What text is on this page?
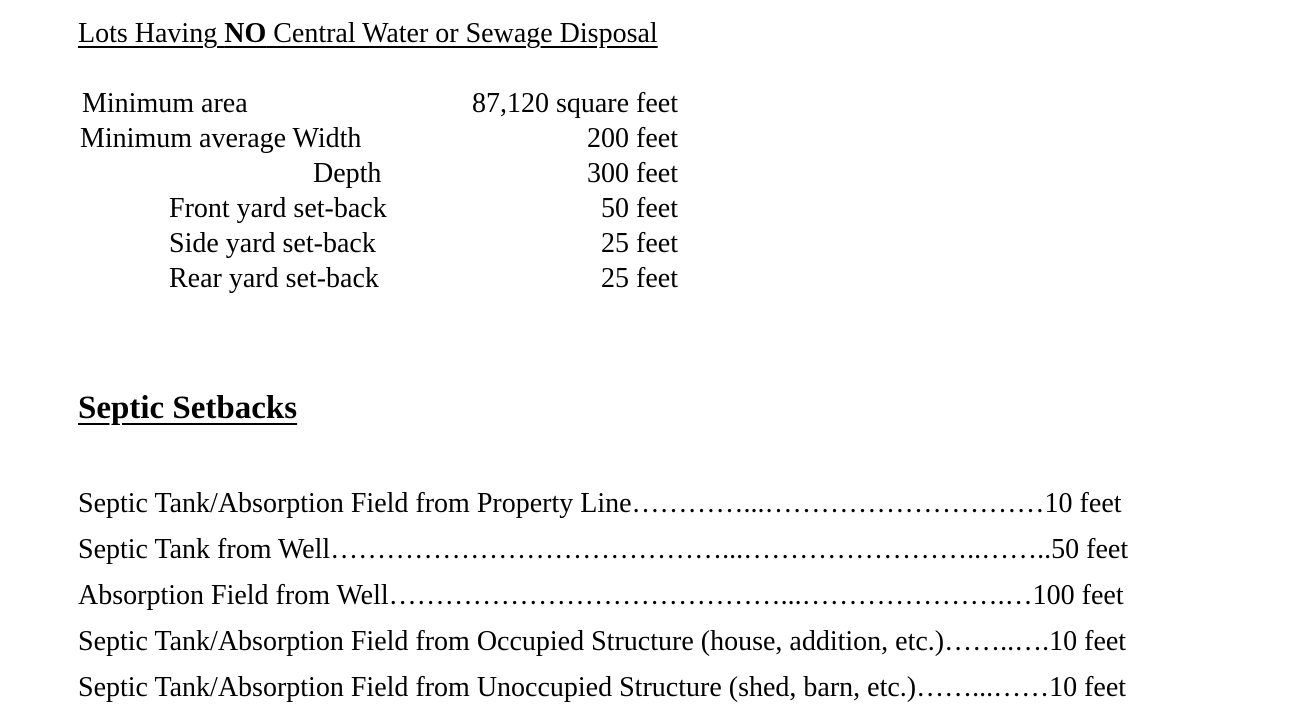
Lots Having NO Central Water or Sewage Disposal
Minimum area	87,120 square feet
Minimum average Width	200 feet
Depth	300 feet
Front yard set-back	50 feet
Side yard set-back	25 feet
Rear yard set-back	25 feet
Septic Setbacks
Septic Tank/Absorption Field from Property Line…………...…………………………10 feet
Septic Tank from Well……………………………………...……………………..……..50 feet
Absorption Field from Well……………………………………...………………….…100 feet
Septic Tank/Absorption Field from Occupied Structure (house, addition, etc.)……..….10 feet
Septic Tank/Absorption Field from Unoccupied Structure (shed, barn, etc.)……...……10 feet
